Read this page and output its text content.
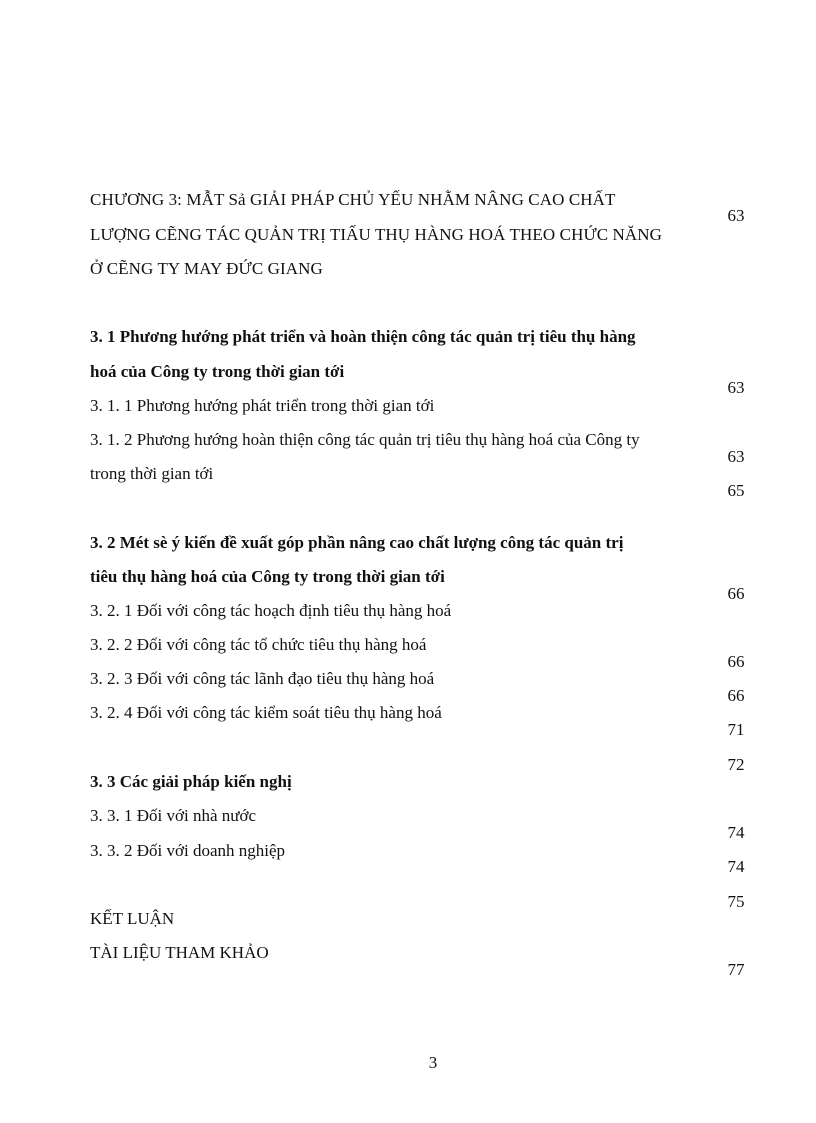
CHƯƠNG 3: MẪT Sả GIẢI PHÁP CHỦ YẾU NHẰM NÂNG CAO CHẤT
LƯỢNG CẼNG TÁC QUẢN TRỊ TIẤU THỤ HÀNG HOÁ THEO CHỨC NĂNG
Ở CẼNG TY MAY ĐỨC GIANG
3. 1 Phương hướng phát triển và hoàn thiện công tác quản trị tiêu thụ hàng
hoá của Công ty trong thời gian tới
3. 1. 1 Phương hướng phát triển trong thời gian tới
3. 1. 2 Phương hướng hoàn thiện công tác quản trị tiêu thụ hàng hoá của Công ty
trong thời gian tới
3. 2 Mét sè ý kiến đề xuất góp phần nâng cao chất lượng công tác quản trị
tiêu thụ hàng hoá của Công ty trong thời gian tới
3. 2. 1 Đối với công tác hoạch định tiêu thụ hàng hoá
3. 2. 2 Đối với công tác tổ chức tiêu thụ hàng hoá
3. 2. 3 Đối với công tác lãnh đạo tiêu thụ hàng hoá
3. 2. 4 Đối với công tác kiểm soát tiêu thụ hàng hoá
3. 3 Các giải pháp kiến nghị
3. 3. 1 Đối với nhà nước
3. 3. 2 Đối với doanh nghiệp
KẾT LUẬN
TÀI LIỆU THAM KHẢO
63
63
63
65
66
66
66
71
72
74
74
75
77
3
